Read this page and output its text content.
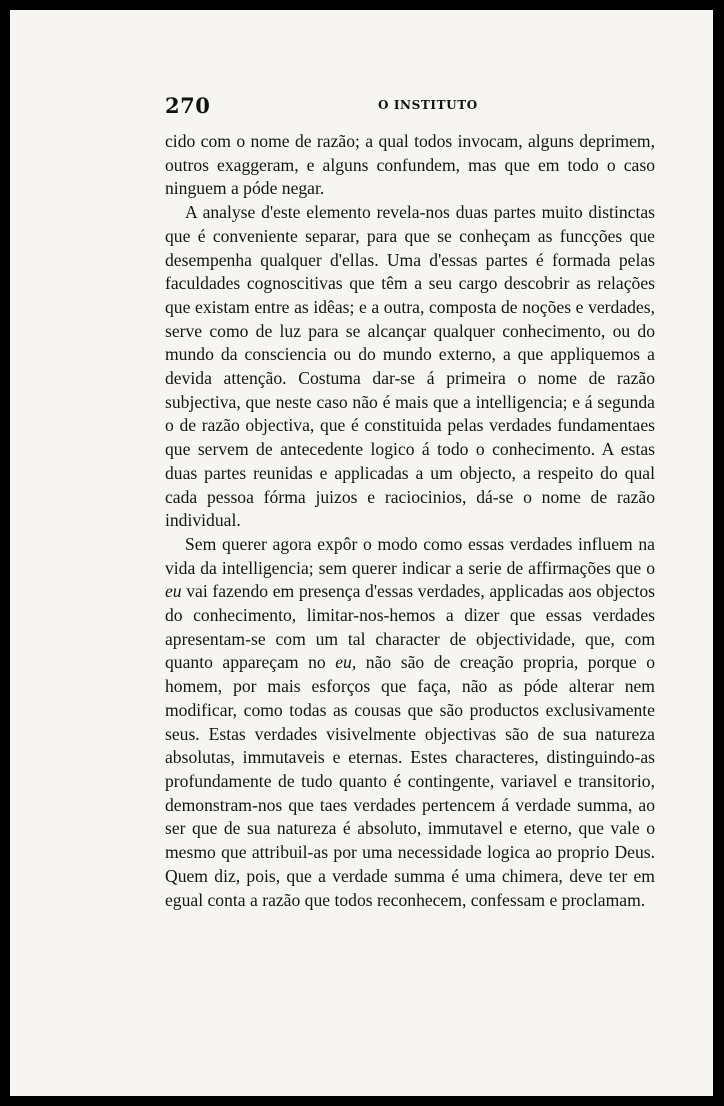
270	O INSTITUTO

cido com o nome de razão; a qual todos invocam, alguns deprimem, outros exaggeram, e alguns confundem, mas que em todo o caso ninguem a póde negar.

A analyse d'este elemento revela-nos duas partes muito distinctas que é conveniente separar, para que se conheçam as funcções que desempenha qualquer d'ellas. Uma d'essas partes é formada pelas faculdades cognoscitivas que têm a seu cargo descobrir as relações que existam entre as idêas; e a outra, composta de noções e verdades, serve como de luz para se alcançar qualquer conhecimento, ou do mundo da consciencia ou do mundo externo, a que appliquemos a devida attenção. Costuma dar-se á primeira o nome de razão subjectiva, que neste caso não é mais que a intelligencia; e á segunda o de razão objectiva, que é constituida pelas verdades fundamentaes que servem de antecedente logico á todo o conhecimento. A estas duas partes reunidas e applicadas a um objecto, a respeito do qual cada pessoa fórma juizos e raciocinios, dá-se o nome de razão individual.

Sem querer agora expôr o modo como essas verdades influem na vida da intelligencia; sem querer indicar a serie de affirmações que o eu vai fazendo em presença d'essas verdades, applicadas aos objectos do conhecimento, limitar-nos-hemos a dizer que essas verdades apresentam-se com um tal character de objectividade, que, com quanto appareçam no eu, não são de creação propria, porque o homem, por mais esforços que faça, não as póde alterar nem modificar, como todas as cousas que são productos exclusivamente seus. Estas verdades visivelmente objectivas são de sua natureza absolutas, immutaveis e eternas. Estes characteres, distinguindo-as profundamente de tudo quanto é contingente, variavel e transitorio, demonstram-nos que taes verdades pertencem á verdade summa, ao ser que de sua natureza é absoluto, immutavel e eterno, que vale o mesmo que attribuil-as por uma necessidade logica ao proprio Deus. Quem diz, pois, que a verdade summa é uma chimera, deve ter em egual conta a razão que todos reconhecem, confessam e proclamam.
